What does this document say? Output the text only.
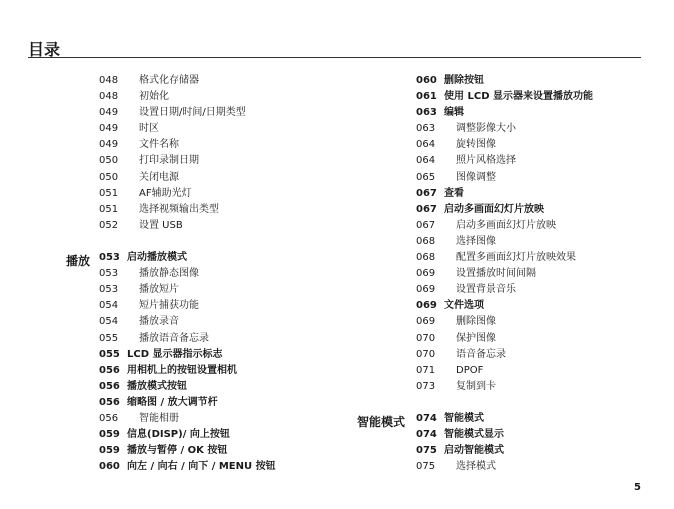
目录
播放
智能模式
048 格式化存储器
048 初始化
049 设置日期/时间/日期类型
049 时区
049 文件名称
050 打印录制日期
050 关闭电源
051 AF辅助光灯
051 选择视频输出类型
052 设置 USB
053 启动播放模式
053 播放静态图像
053 播放短片
054 短片捕获功能
054 播放录音
055 播放语音备忘录
055 LCD 显示器指示标志
056 用相机上的按钮设置相机
056 播放模式按钮
056 缩略图 / 放大调节杆
056 智能相册
059 信息(DISP)/ 向上按钮
059 播放与暂停 / OK 按钮
060 向左 / 向右 / 向下 / MENU 按钮
060 删除按钮
061 使用 LCD 显示器来设置播放功能
063 编辑
063 调整影像大小
064 旋转图像
064 照片风格选择
065 图像调整
067 查看
067 启动多画面幻灯片放映
067 启动多画面幻灯片放映
068 选择图像
068 配置多画面幻灯片放映效果
069 设置播放时间间隔
069 设置背景音乐
069 文件选项
069 删除图像
070 保护图像
070 语音备忘录
071 DPOF
073 复制到卡
074 智能模式
074 智能模式显示
075 启动智能模式
075 选择模式
5
